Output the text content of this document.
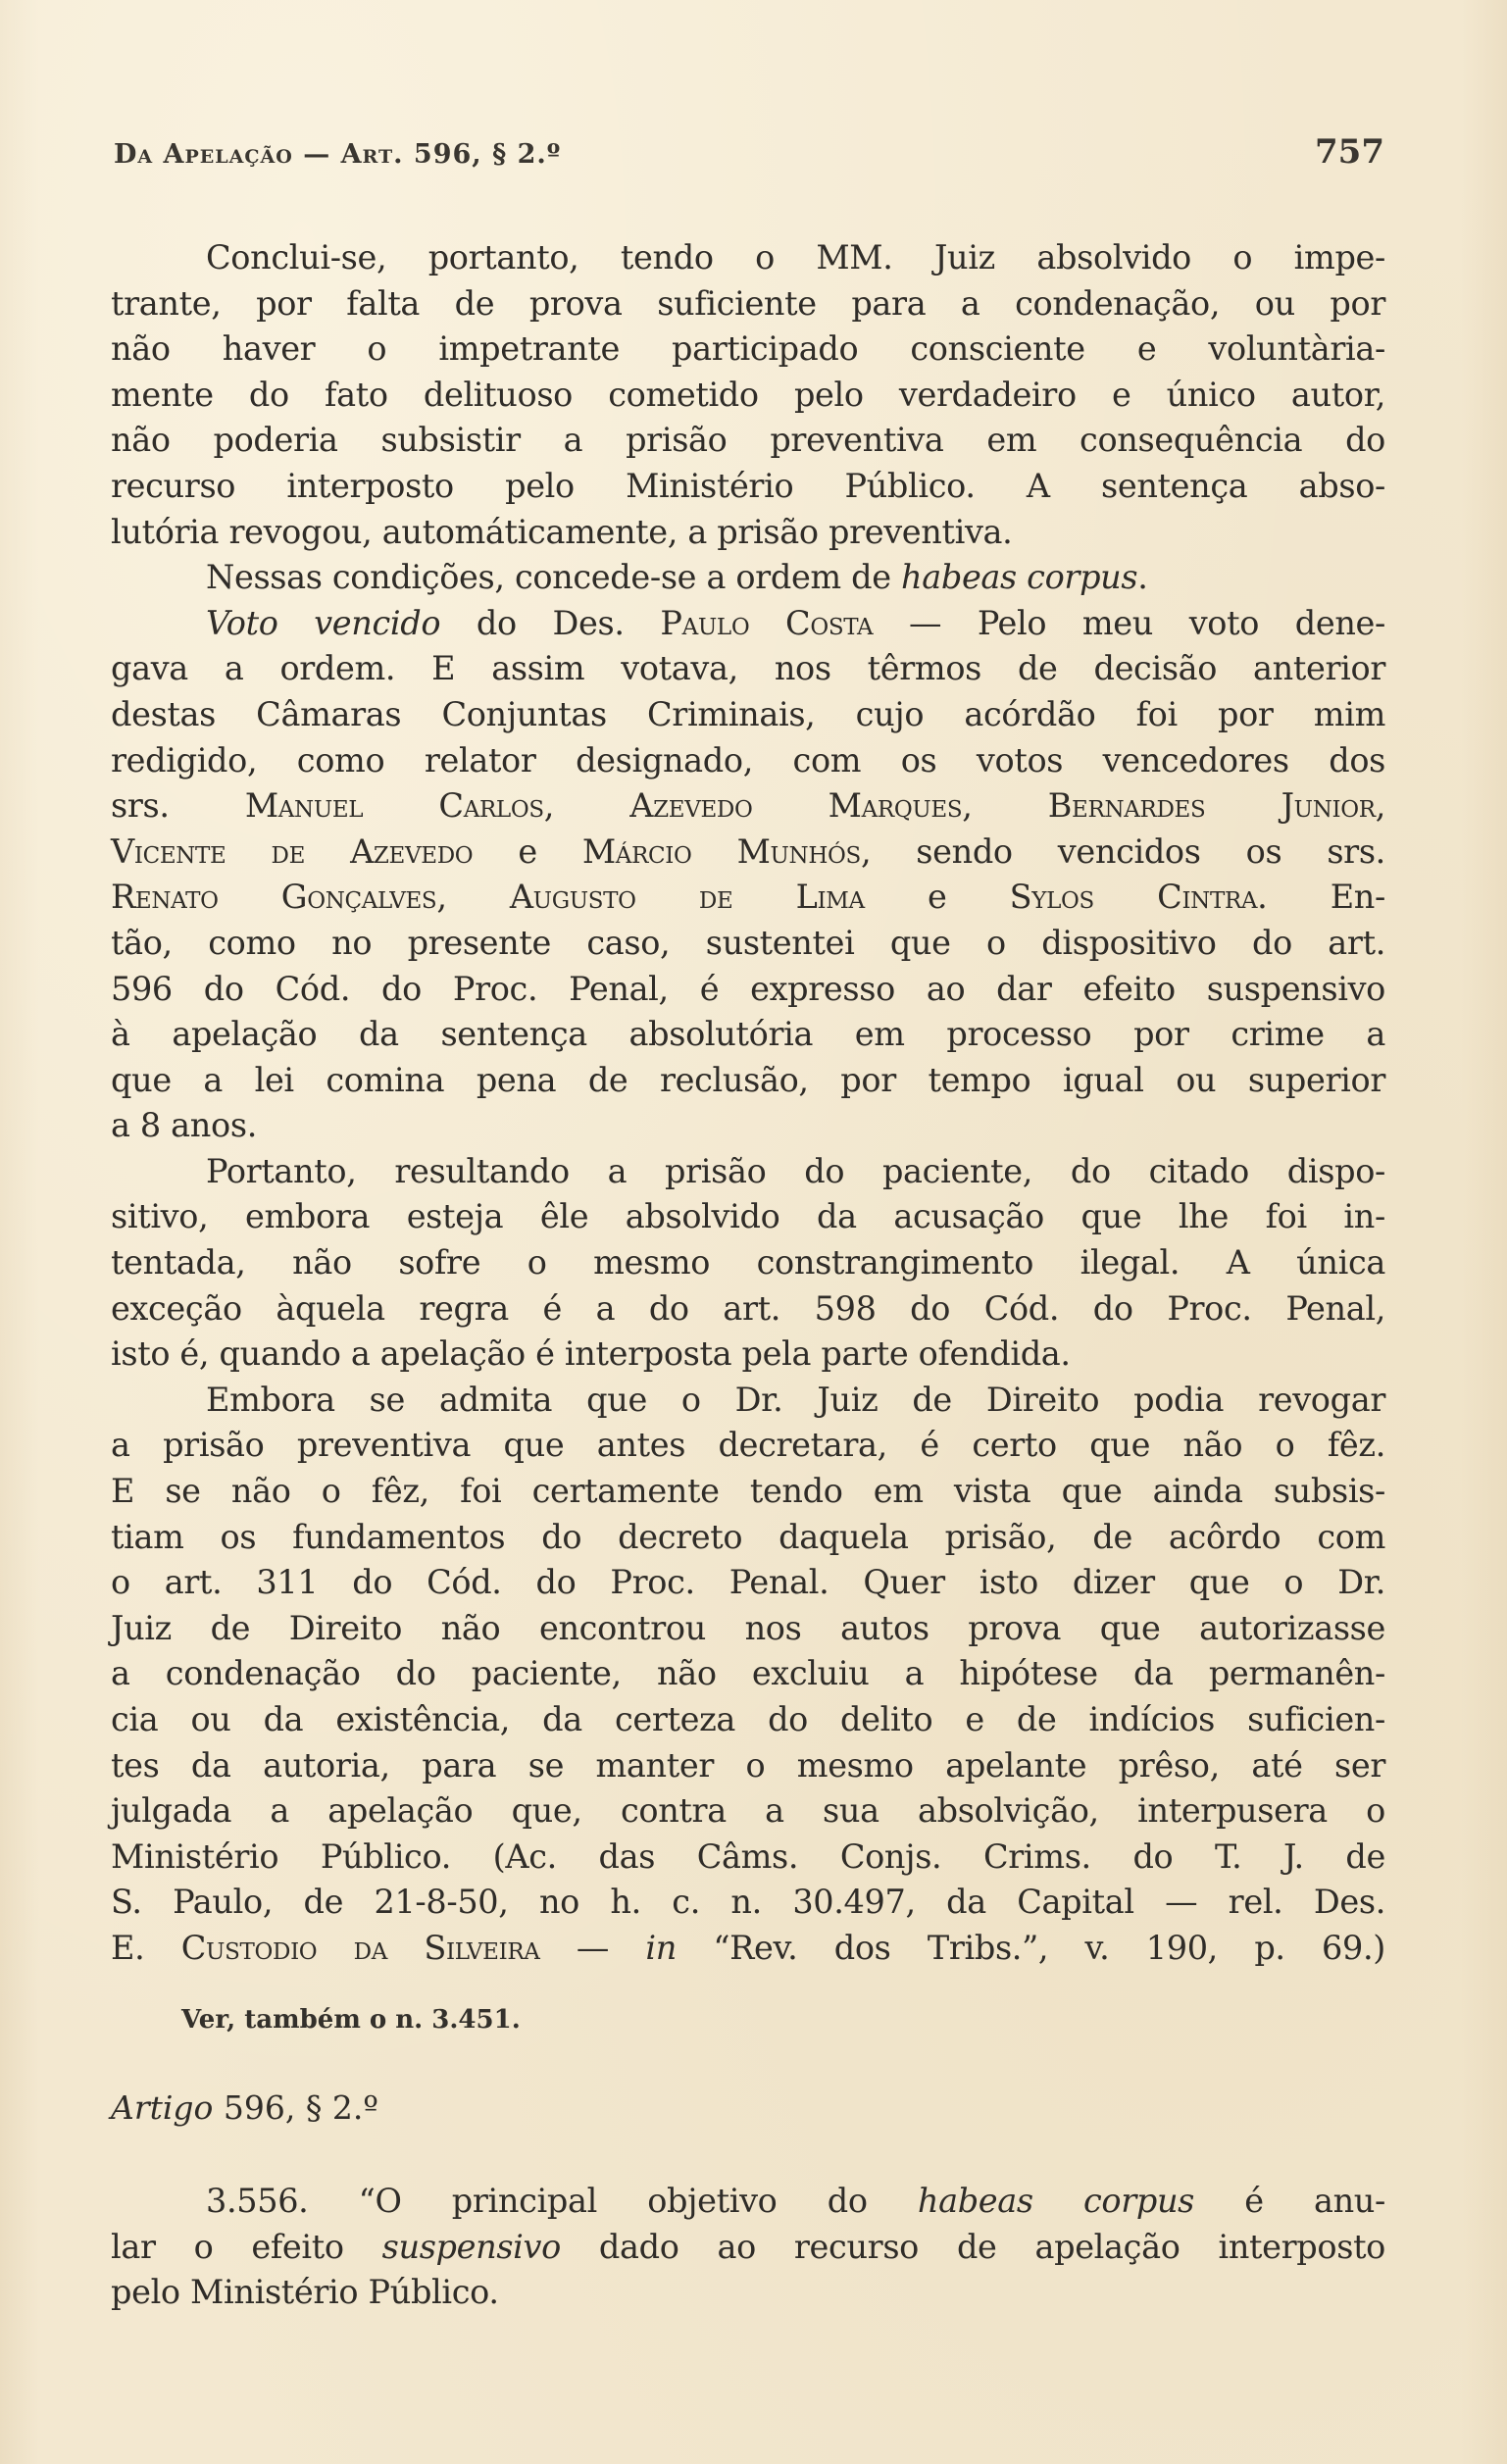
Da Apelação — Art. 596, § 2.º	757
Conclui-se, portanto, tendo o MM. Juiz absolvido o impe-
trante, por falta de prova suficiente para a condenação, ou por
não haver o impetrante participado consciente e voluntària-
mente do fato delituoso cometido pelo verdadeiro e único autor,
não poderia subsistir a prisão preventiva em consequência do
recurso interposto pelo Ministério Público. A sentença abso-
lutória revogou, automáticamente, a prisão preventiva.
Nessas condições, concede-se a ordem de habeas corpus.
Voto vencido do Des. Paulo Costa — Pelo meu voto dene-
gava a ordem. E assim votava, nos têrmos de decisão anterior
destas Câmaras Conjuntas Criminais, cujo acórdão foi por mim
redigido, como relator designado, com os votos vencedores dos
srs. Manuel Carlos, Azevedo Marques, Bernardes Junior,
Vicente de Azevedo e Márcio Munhós, sendo vencidos os srs.
Renato Gonçalves, Augusto de Lima e Sylos Cintra. En-
tão, como no presente caso, sustentei que o dispositivo do art.
596 do Cód. do Proc. Penal, é expresso ao dar efeito suspensivo
à apelação da sentença absolutória em processo por crime a
que a lei comina pena de reclusão, por tempo igual ou superior
a 8 anos.
Portanto, resultando a prisão do paciente, do citado dispo-
sitivo, embora esteja êle absolvido da acusação que lhe foi in-
tentada, não sofre o mesmo constrangimento ilegal. A única
exceção àquela regra é a do art. 598 do Cód. do Proc. Penal,
isto é, quando a apelação é interposta pela parte ofendida.
Embora se admita que o Dr. Juiz de Direito podia revogar
a prisão preventiva que antes decretara, é certo que não o fêz.
E se não o fêz, foi certamente tendo em vista que ainda subsis-
tiam os fundamentos do decreto daquela prisão, de acôrdo com
o art. 311 do Cód. do Proc. Penal. Quer isto dizer que o Dr.
Juiz de Direito não encontrou nos autos prova que autorizasse
a condenação do paciente, não excluiu a hipótese da permanên-
cia ou da existência, da certeza do delito e de indícios suficien-
tes da autoria, para se manter o mesmo apelante prêso, até ser
julgada a apelação que, contra a sua absolvição, interpusera o
Ministério Público. (Ac. das Câms. Conjs. Crims. do T. J. de
S. Paulo, de 21-8-50, no h. c. n. 30.497, da Capital — rel. Des.
E. Custodio da Silveira — in “Rev. dos Tribs.”, v. 190, p. 69.)
Ver, também o n. 3.451.
Artigo 596, § 2.º
3.556. “O principal objetivo do habeas corpus é anu-
lar o efeito suspensivo dado ao recurso de apelação interposto
pelo Ministério Público.
